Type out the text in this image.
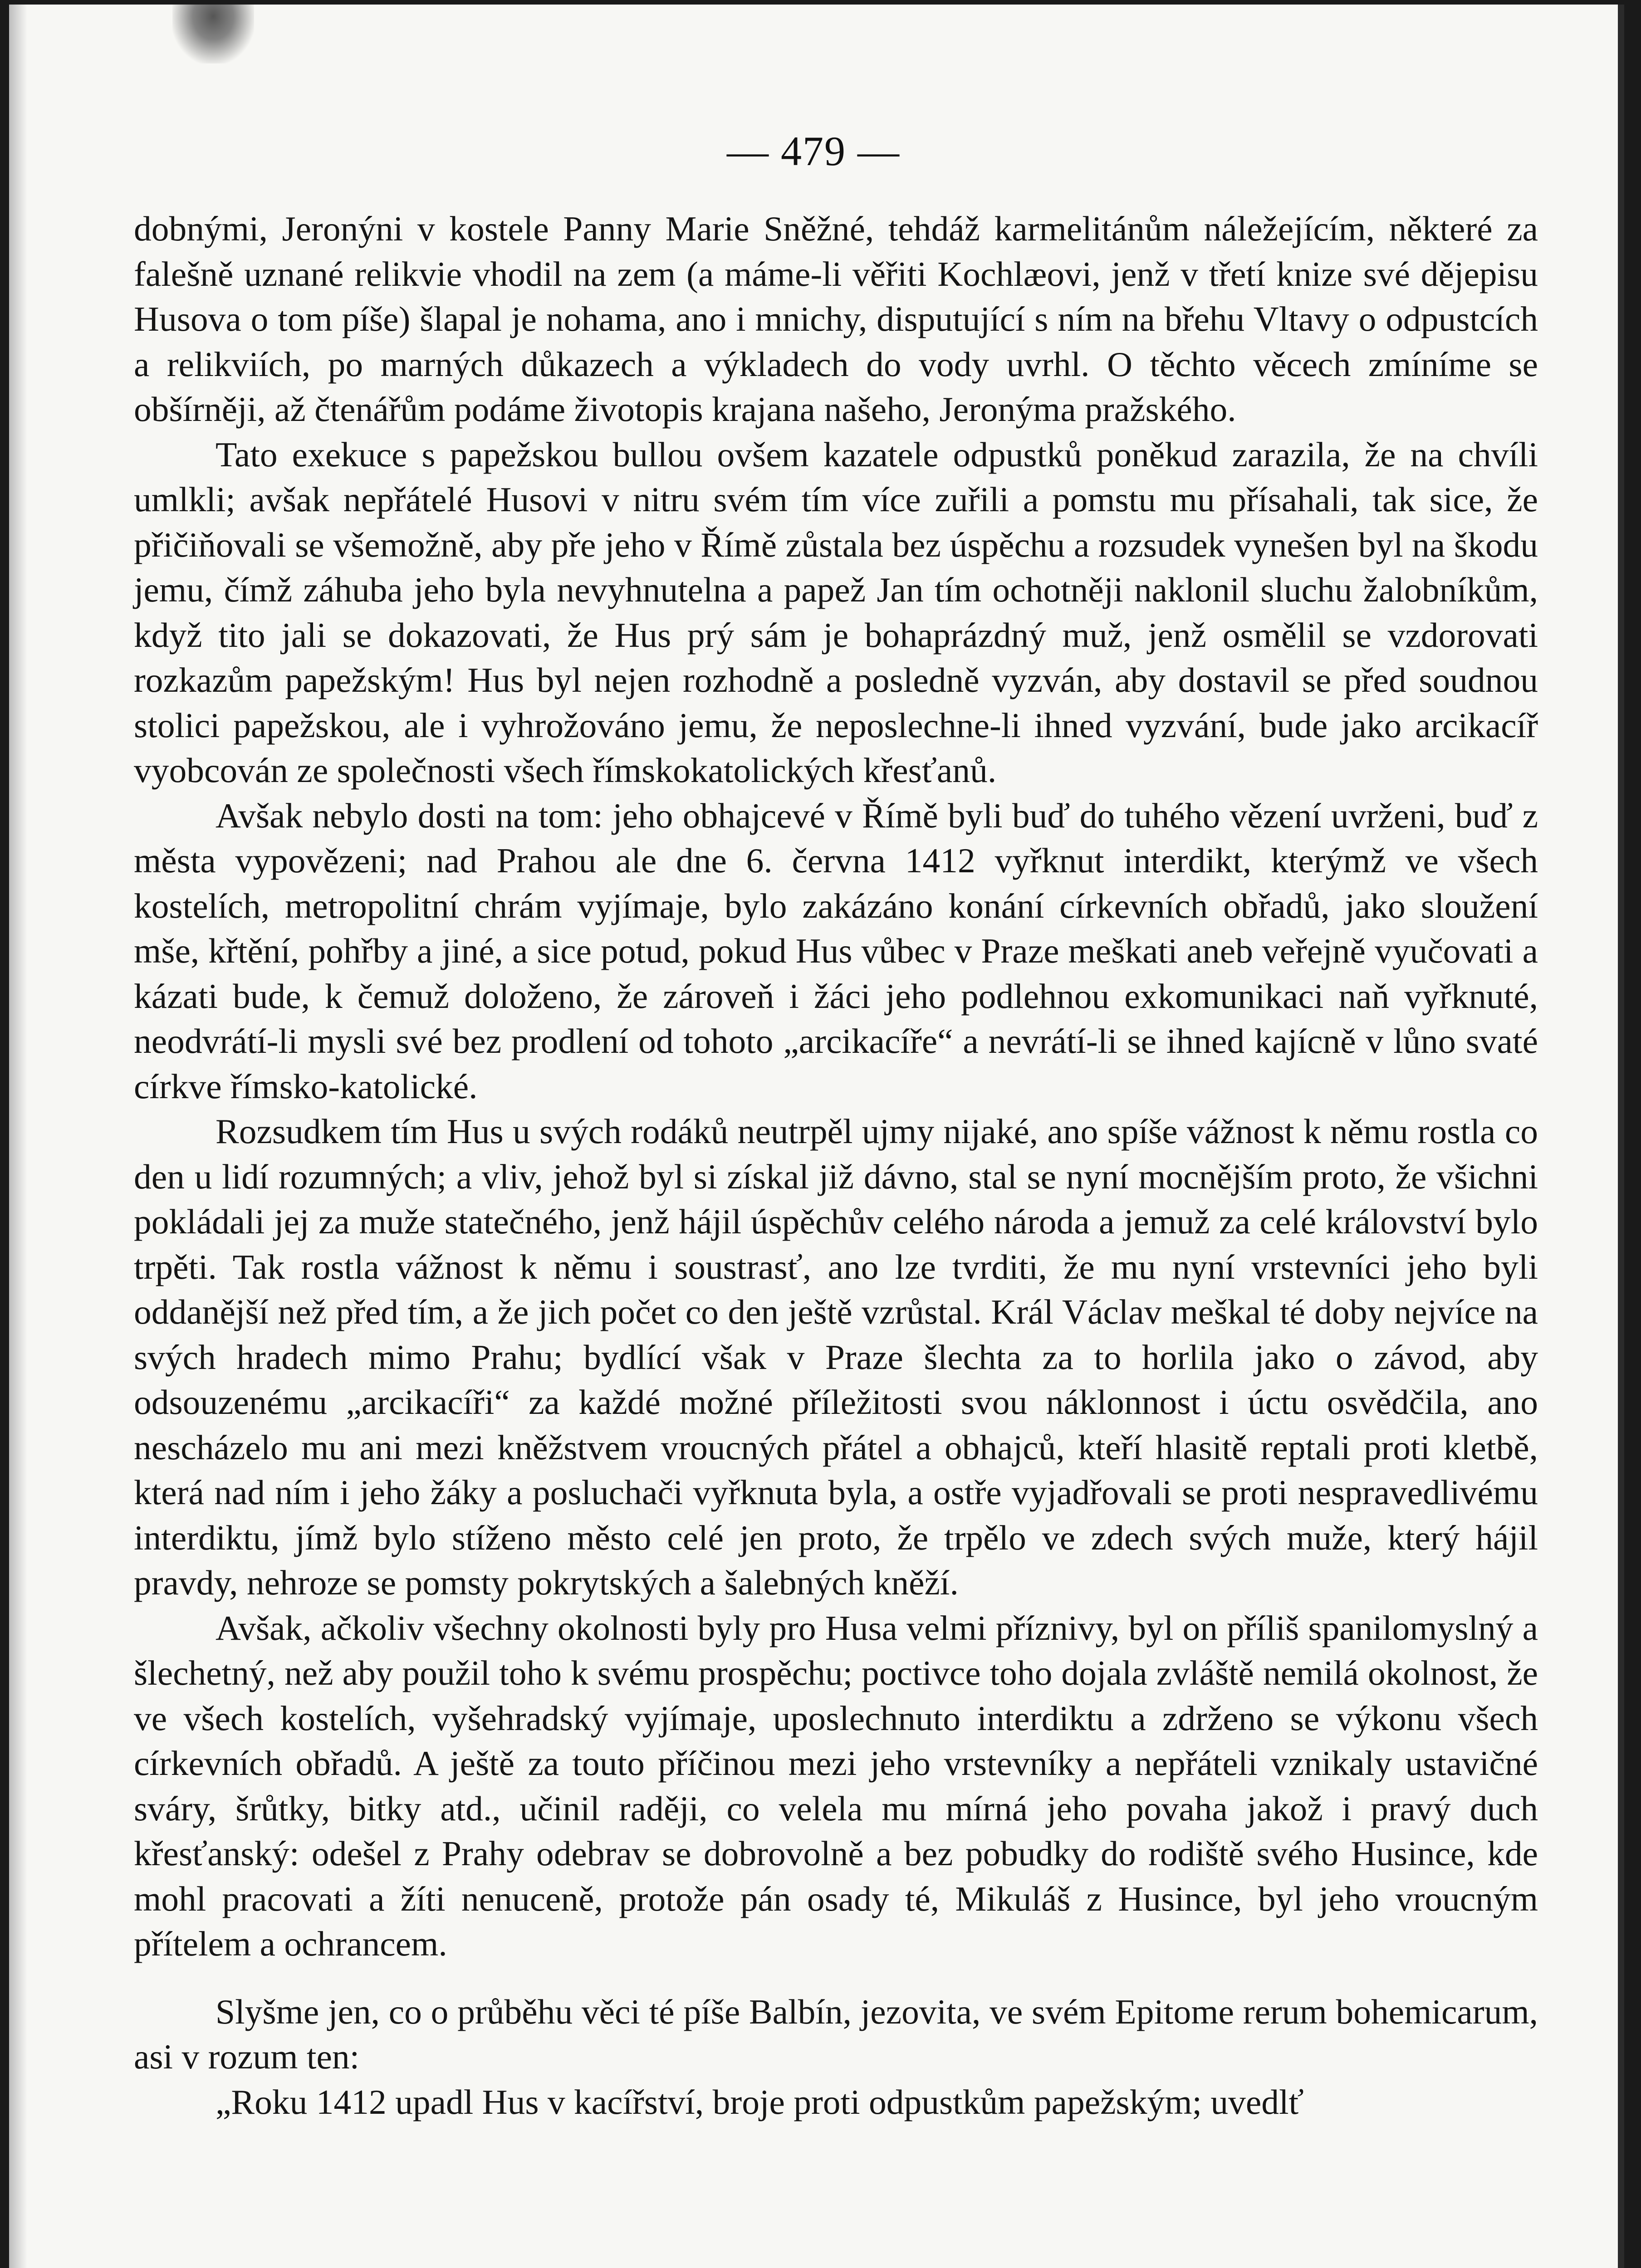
— 479 —

dobnými, Jeronýni v kostele Panny Marie Sněžné, tehdáž karmelitánům náležejícím, některé za falešně uznané relikvie vhodil na zem (a máme-li věřiti Kochlæovi, jenž v třetí knize své dějepisu Husova o tom píše) šlapal je nohama, ano i mnichy, disputující s ním na břehu Vltavy o odpustcích a relikviích, po marných důkazech a výkladech do vody uvrhl. O těchto věcech zmíníme se obšírněji, až čtenářům podáme životopis krajana našeho, Jeronýma pražského.

Tato exekuce s papežskou bullou ovšem kazatele odpustků poněkud zarazila, že na chvíli umlkli; avšak nepřátelé Husovi v nitru svém tím více zuřili a pomstu mu přísahali, tak sice, že přičiňovali se všemožně, aby pře jeho v Římě zůstala bez úspěchu a rozsudek vynešen byl na škodu jemu, čímž záhuba jeho byla nevyhnutelna a papež Jan tím ochotněji naklonil sluchu žalobníkům, když tito jali se dokazovati, že Hus prý sám je bohaprázdný muž, jenž osmělil se vzdorovati rozkazům papežským! Hus byl nejen rozhodně a posledně vyzván, aby dostavil se před soudnou stolici papežskou, ale i vyhrožováno jemu, že neposlechne-li ihned vyzvání, bude jako arcikacíř vyobcován ze společnosti všech římskokatolických křesťanů.

Avšak nebylo dosti na tom: jeho obhajcevé v Římě byli buď do tuhého vězení uvrženi, buď z města vypovězeni; nad Prahou ale dne 6. června 1412 vyřknut interdikt, kterýmž ve všech kostelích, metropolitní chrám vyjímaje, bylo zakázáno konání církevních obřadů, jako sloužení mše, křtění, pohřby a jiné, a sice potud, pokud Hus vůbec v Praze meškati aneb veřejně vyučovati a kázati bude, k čemuž doloženo, že zároveň i žáci jeho podlehnou exkomunikaci naň vyřknuté, neodvrátí-li mysli své bez prodlení od tohoto „arcikacíře“ a nevrátí-li se ihned kajícně v lůno svaté církve římsko-katolické.

Rozsudkem tím Hus u svých rodáků neutrpěl ujmy nijaké, ano spíše vážnost k němu rostla co den u lidí rozumných; a vliv, jehož byl si získal již dávno, stal se nyní mocnějším proto, že všichni pokládali jej za muže statečného, jenž hájil úspěchův celého národa a jemuž za celé království bylo trpěti. Tak rostla vážnost k němu i soustrasť, ano lze tvrditi, že mu nyní vrstevníci jeho byli oddanější než před tím, a že jich počet co den ještě vzrůstal. Král Václav meškal té doby nejvíce na svých hradech mimo Prahu; bydlící však v Praze šlechta za to horlila jako o závod, aby odsouzenému „arcikacíři“ za každé možné příležitosti svou náklonnost i úctu osvědčila, ano nescházelo mu ani mezi kněžstvem vroucných přátel a obhajců, kteří hlasitě reptali proti kletbě, která nad ním i jeho žáky a posluchači vyřknuta byla, a ostře vyjadřovali se proti nespravedlivému interdiktu, jímž bylo stíženo město celé jen proto, že trpělo ve zdech svých muže, který hájil pravdy, nehroze se pomsty pokrytských a šalebných kněží.

Avšak, ačkoliv všechny okolnosti byly pro Husa velmi příznivy, byl on příliš spanilomyslný a šlechetný, než aby použil toho k svému prospěchu; poctivce toho dojala zvláště nemilá okolnost, že ve všech kostelích, vyšehradský vyjímaje, uposlechnuto interdiktu a zdrženo se výkonu všech církevních obřadů. A ještě za touto příčinou mezi jeho vrstevníky a nepřáteli vznikaly ustavičné sváry, šrůtky, bitky atd., učinil raději, co velela mu mírná jeho povaha jakož i pravý duch křesťanský: odešel z Prahy odebrav se dobrovolně a bez pobudky do rodiště svého Husince, kde mohl pracovati a žíti nenuceně, protože pán osady té, Mikuláš z Husince, byl jeho vroucným přítelem a ochrancem.

Slyšme jen, co o průběhu věci té píše Balbín, jezovita, ve svém Epitome rerum bohemicarum, asi v rozum ten:

„Roku 1412 upadl Hus v kacířství, broje proti odpustkům papežským; uvedlť
